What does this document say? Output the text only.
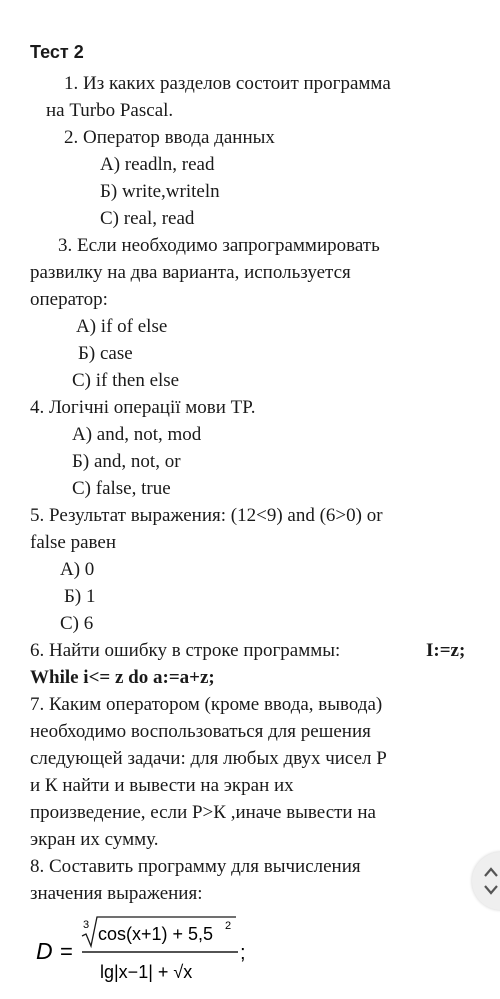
Тест 2
1. Из каких разделов состоит программа
на Turbo Pascal.
2. Оператор ввода данных
А) readln, read
Б) write,writeln
С) real, read
3. Если необходимо запрограммировать
развилку на два варианта, используется
оператор:
А) if of else
Б) case
С) if then else
4. Логічні операції мови TP.
А) and, not, mod
Б) and, not, or
С) false, true
5. Результат выражения: (12<9) and (6>0) or
false равен
А) 0
Б) 1
С) 6
6. Найти ошибку в строке программы:	I:=z;
While i<= z do a:=a+z;
7. Каким оператором (кроме ввода, вывода)
необходимо воспользоваться для решения
следующей задачи: для любых двух чисел Р
и К найти и вывести на экран их
произведение, если Р>К ,иначе вывести на
экран их сумму.
8. Составить программу для вычисления
значения выражения:
D =
3 cos(x+1) + 5,5 2
lg|x−1| + √x
;
